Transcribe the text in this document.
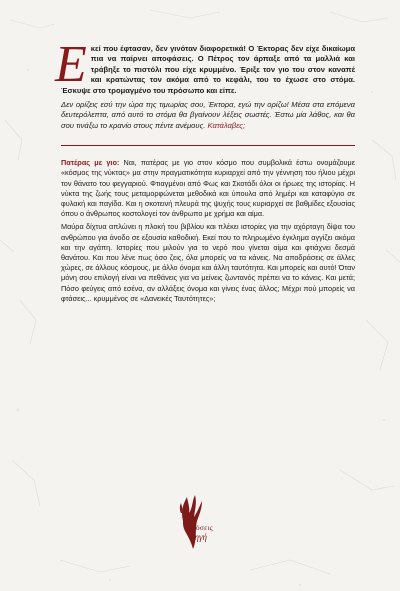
Εκεί που έφτασαν, δεν γινόταν διαφορετικά! Ο Έκτορας δεν είχε δικαίωμα πια να παίρνει αποφάσεις. Ο Πέτρος τον άρπαξε από τα μαλλιά και τράβηξε το πιστόλι που είχε κρυμμένο. Έριξε τον γιο του στον καναπέ και κρατώντας τον ακόμα από το κεφάλι, του το έχωσε στο στόμα. Έσκυψε στο τρομαγμένο του πρόσωπο και είπε.

Δεν ορίζεις εσύ την ώρα της τιμωρίας σου, Έκτορα, εγώ την ορίζω! Μέσα στα επόμενα δευτερόλεπτα, από αυτό το στόμα θα βγαίνουν λέξεις σωστές. Έστω μία λάθος, και θα σου τινάξω το κρανίο στους πέντε ανέμους. Κατάλαβες;

Πατέρας με γιο: Ναι, πατέρας με γιο στον κόσμο που συμβολικά έστω ονομάζουμε «κόσμος της νύκτας» μα στην πραγματικότητα κυριαρχεί από την γέννηση του ήλιου μέχρι τον θάνατο του φεγγαριού. Φτιαγμένοι από Φως και Σκοτάδι όλοι οι ήρωες της ιστορίας. Η νύκτα της ζωής τους μεταμορφώνεται μεθοδικά και ύπουλα από λημέρι και καταφύγιο σε φυλακή και παγίδα. Και η σκοτεινή πλευρά της ψυχής τους κυριαρχεί σε βαθμίδες εξουσίας όπου ο άνθρωπος κοστολογεί τον άνθρωπο με χρήμα και αίμα.

Μαύρα δίχτυα απλώνει η πλοκή του βιβλίου και πλέκει ιστορίες για την αχόρταγη δίψα του ανθρώπου για άνοδο σε εξουσία καθοδική. Εκεί που το πληρωμένο έγκλημα αγγίζει ακόμα και την αγάπη. Ιστορίες που μιλούν για το νερό που γίνεται αίμα και φτιάχνει δεσμά θανάτου. Και που λένε πως όσο ζεις, όλα μπορείς να τα κάνεις. Να αποδράσεις σε άλλες χώρες, σε άλλους κόσμους, με άλλο όνομα και άλλη ταυτότητα. Και μπορείς και αυτό! Όταν μόνη σου επιλογή είναι να πεθάνεις για να μείνεις ζωντανός πρέπει να το κάνεις. Και μετά; Πόσο φεύγεις από εσένα, αν αλλάξεις όνομα και γίνεις ένας άλλος; Μέχρι πού μπορείς να φτάσεις... κρυμμένος σε «Δανεικές Ταυτότητες»;

εκδόσεις
πηγή
